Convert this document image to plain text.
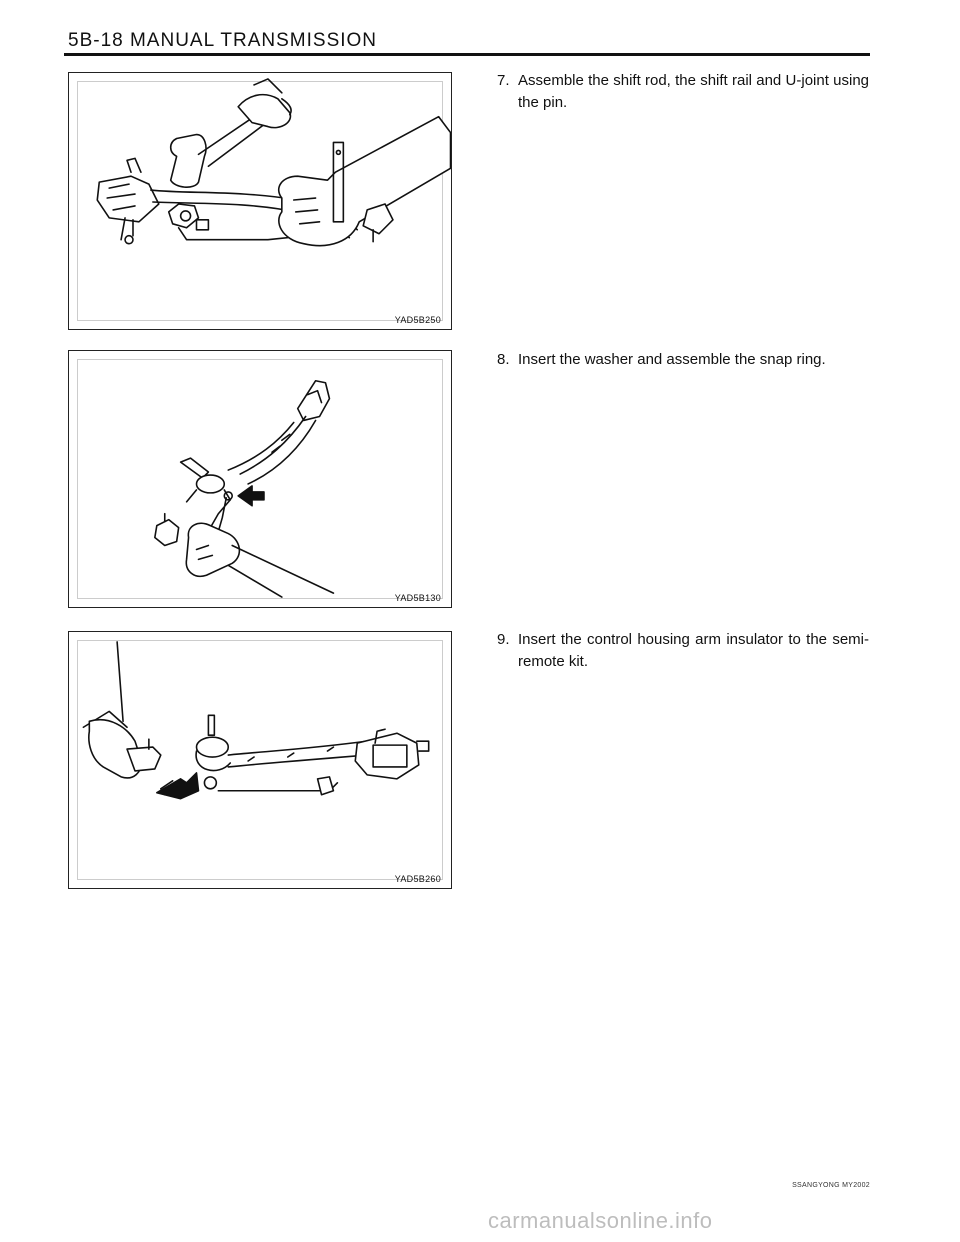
5B-18 MANUAL TRANSMISSION
YAD5B250
7. Assemble the shift rod, the shift rail and U-joint using the pin.
YAD5B130
8. Insert the washer and assemble the snap ring.
YAD5B260
9. Insert the control housing arm insulator to the semi-remote kit.
SSANGYONG MY2002
carmanualsonline.info
